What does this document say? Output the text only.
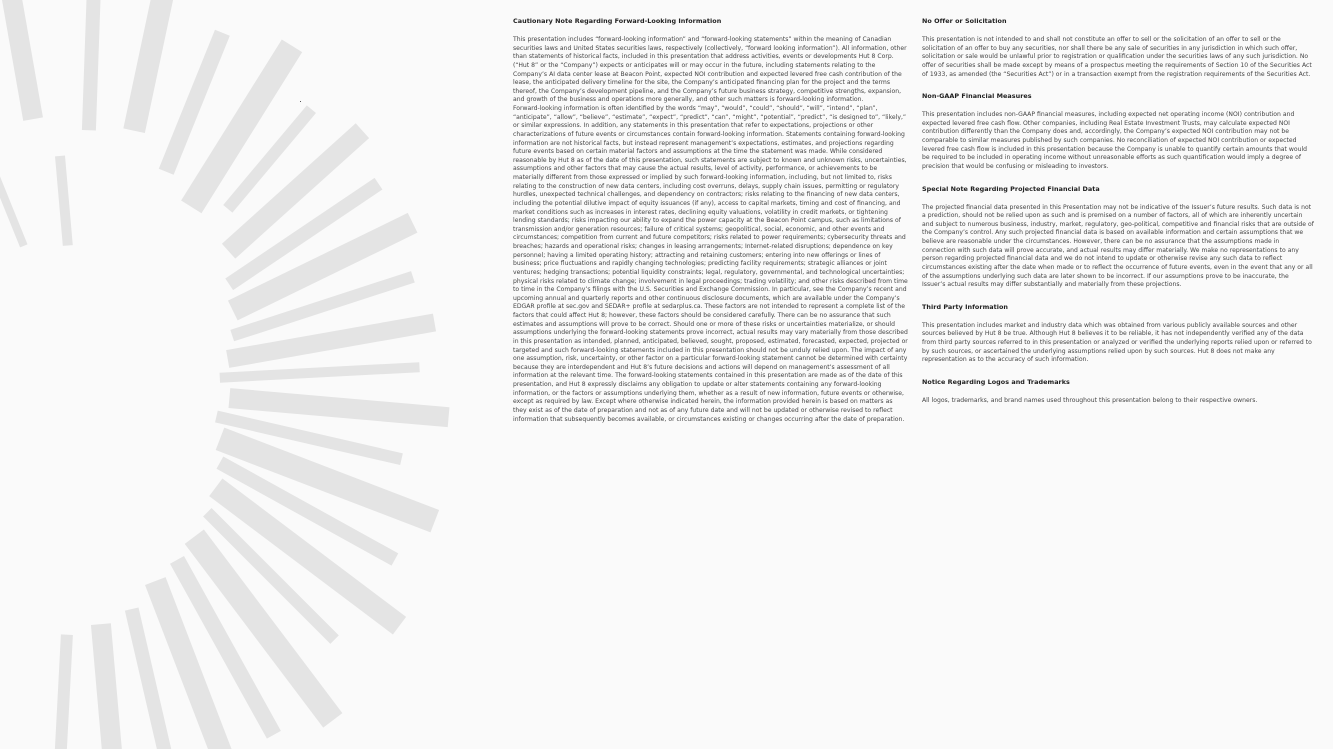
Cautionary Note Regarding Forward-Looking Information

This presentation includes “forward-looking information” and “forward-looking statements” within the meaning of Canadian securities laws and United States securities laws, respectively (collectively, “forward looking information”). All information, other than statements of historical facts, included in this presentation that address activities, events or developments Hut 8 Corp. (“Hut 8” or the “Company”) expects or anticipates will or may occur in the future, including statements relating to the Company’s AI data center lease at Beacon Point, expected NOI contribution and expected levered free cash contribution of the lease, the anticipated delivery timeline for the site, the Company’s anticipated financing plan for the project and the terms thereof, the Company’s development pipeline, and the Company’s future business strategy, competitive strengths, expansion, and growth of the business and operations more generally, and other such matters is forward-looking information.

Forward-looking information is often identified by the words “may”, “would”, “could”, “should”, “will”, “intend”, “plan”, “anticipate”, “allow”, “believe”, “estimate”, “expect”, “predict”, “can”, “might”, “potential”, “predict”, “is designed to”, “likely,” or similar expressions. In addition, any statements in this presentation that refer to expectations, projections or other characterizations of future events or circumstances contain forward-looking information. Statements containing forward-looking information are not historical facts, but instead represent management’s expectations, estimates, and projections regarding future events based on certain material factors and assumptions at the time the statement was made. While considered reasonable by Hut 8 as of the date of this presentation, such statements are subject to known and unknown risks, uncertainties, assumptions and other factors that may cause the actual results, level of activity, performance, or achievements to be materially different from those expressed or implied by such forward-looking information, including, but not limited to, risks relating to the construction of new data centers, including cost overruns, delays, supply chain issues, permitting or regulatory hurdles, unexpected technical challenges, and dependency on contractors; risks relating to the financing of new data centers, including the potential dilutive impact of equity issuances (if any), access to capital markets, timing and cost of financing, and market conditions such as increases in interest rates, declining equity valuations, volatility in credit markets, or tightening lending standards; risks impacting our ability to expand the power capacity at the Beacon Point campus, such as limitations of transmission and/or generation resources; failure of critical systems; geopolitical, social, economic, and other events and circumstances; competition from current and future competitors; risks related to power requirements; cybersecurity threats and breaches; hazards and operational risks; changes in leasing arrangements; Internet-related disruptions; dependence on key personnel; having a limited operating history; attracting and retaining customers; entering into new offerings or lines of business; price fluctuations and rapidly changing technologies; predicting facility requirements; strategic alliances or joint ventures; hedging transactions; potential liquidity constraints; legal, regulatory, governmental, and technological uncertainties; physical risks related to climate change; involvement in legal proceedings; trading volatility; and other risks described from time to time in the Company’s filings with the U.S. Securities and Exchange Commission. In particular, see the Company’s recent and upcoming annual and quarterly reports and other continuous disclosure documents, which are available under the Company’s EDGAR profile at sec.gov and SEDAR+ profile at sedarplus.ca. These factors are not intended to represent a complete list of the factors that could affect Hut 8; however, these factors should be considered carefully. There can be no assurance that such estimates and assumptions will prove to be correct. Should one or more of these risks or uncertainties materialize, or should assumptions underlying the forward-looking statements prove incorrect, actual results may vary materially from those described in this presentation as intended, planned, anticipated, believed, sought, proposed, estimated, forecasted, expected, projected or targeted and such forward-looking statements included in this presentation should not be unduly relied upon. The impact of any one assumption, risk, uncertainty, or other factor on a particular forward-looking statement cannot be determined with certainty because they are interdependent and Hut 8’s future decisions and actions will depend on management’s assessment of all information at the relevant time. The forward-looking statements contained in this presentation are made as of the date of this presentation, and Hut 8 expressly disclaims any obligation to update or alter statements containing any forward-looking information, or the factors or assumptions underlying them, whether as a result of new information, future events or otherwise, except as required by law. Except where otherwise indicated herein, the information provided herein is based on matters as they exist as of the date of preparation and not as of any future date and will not be updated or otherwise revised to reflect information that subsequently becomes available, or circumstances existing or changes occurring after the date of preparation.

No Offer or Solicitation

This presentation is not intended to and shall not constitute an offer to sell or the solicitation of an offer to sell or the solicitation of an offer to buy any securities, nor shall there be any sale of securities in any jurisdiction in which such offer, solicitation or sale would be unlawful prior to registration or qualification under the securities laws of any such jurisdiction. No offer of securities shall be made except by means of a prospectus meeting the requirements of Section 10 of the Securities Act of 1933, as amended (the “Securities Act”) or in a transaction exempt from the registration requirements of the Securities Act.

Non-GAAP Financial Measures

This presentation includes non-GAAP financial measures, including expected net operating income (NOI) contribution and expected levered free cash flow. Other companies, including Real Estate Investment Trusts, may calculate expected NOI contribution differently than the Company does and, accordingly, the Company’s expected NOI contribution may not be comparable to similar measures published by such companies. No reconciliation of expected NOI contribution or expected levered free cash flow is included in this presentation because the Company is unable to quantify certain amounts that would be required to be included in operating income without unreasonable efforts as such quantification would imply a degree of precision that would be confusing or misleading to investors.

Special Note Regarding Projected Financial Data

The projected financial data presented in this Presentation may not be indicative of the Issuer’s future results. Such data is not a prediction, should not be relied upon as such and is premised on a number of factors, all of which are inherently uncertain and subject to numerous business, industry, market, regulatory, geo-political, competitive and financial risks that are outside of the Company’s control. Any such projected financial data is based on available information and certain assumptions that we believe are reasonable under the circumstances. However, there can be no assurance that the assumptions made in connection with such data will prove accurate, and actual results may differ materially. We make no representations to any person regarding projected financial data and we do not intend to update or otherwise revise any such data to reflect circumstances existing after the date when made or to reflect the occurrence of future events, even in the event that any or all of the assumptions underlying such data are later shown to be incorrect. If our assumptions prove to be inaccurate, the Issuer’s actual results may differ substantially and materially from these projections.

Third Party Information

This presentation includes market and industry data which was obtained from various publicly available sources and other sources believed by Hut 8 be true. Although Hut 8 believes it to be reliable, it has not independently verified any of the data from third party sources referred to in this presentation or analyzed or verified the underlying reports relied upon or referred to by such sources, or ascertained the underlying assumptions relied upon by such sources. Hut 8 does not make any representation as to the accuracy of such information.

Notice Regarding Logos and Trademarks

All logos, trademarks, and brand names used throughout this presentation belong to their respective owners.
